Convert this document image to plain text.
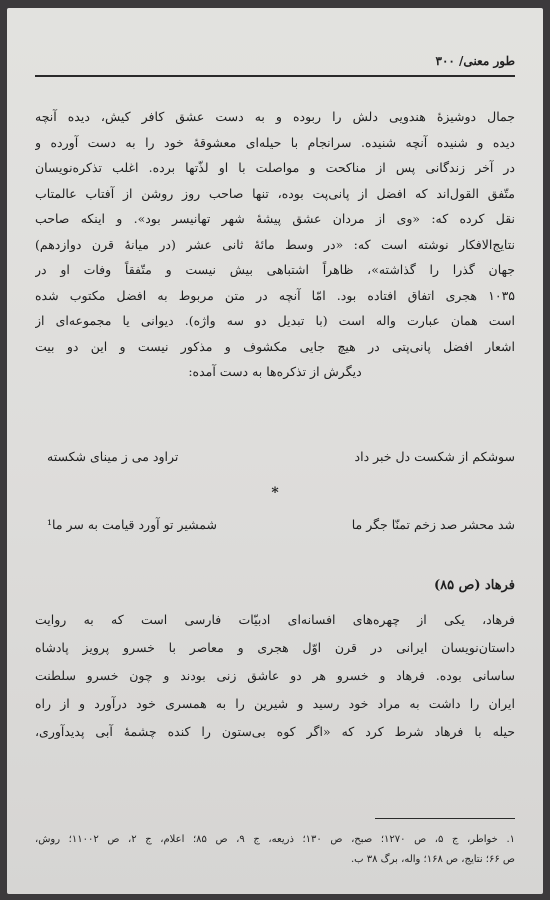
طور معنی/ ۳۰۰
جمال دوشیزهٔ هندویی دلش را ربوده و به دست عشق کافر کیش، دیده آنچه
دیده و شنیده آنچه شنیده. سرانجام با حیله‌ای معشوقهٔ خود را به دست آورده و
در آخر زندگانی پس از مناکحت و مواصلت با او لذّتها برده. اغلب تذکره‌نویسان
متّفق القول‌اند که افضل از پانی‌پت بوده، تنها صاحب روز روشن از آفتاب عالمتاب
نقل کرده که: «وی از مردان عشق پیشهٔ شهر تهانیسر بود». و اینکه صاحب
نتایج‌الافکار نوشته است که: «در وسط مائهٔ ثانی عشر (در میانهٔ قرن دوازدهم)
جهان گذرا را گذاشته»، ظاهراً اشتباهی بیش نیست و متّفقاً وفات او در
۱۰۳۵ هجری اتفاق افتاده بود. امّا آنچه در متن مربوط به افضل مکتوب شده
است همان عبارت واله است (با تبدیل دو سه واژه). دیوانی یا مجموعه‌ای از
اشعار افضل پانی‌پتی در هیچ جایی مکشوف و مذکور نیست و این دو بیت
دیگرش از تذکره‌ها به دست آمده:
سوشکم از شکست دل خبر داد
تراود می ز مینای شکسته
*
شد محشر صد زخم تمنّا جگر ما
شمشیر تو آورد قیامت به سر ما¹
فرهاد (ص ۸۵)
فرهاد، یکی از چهره‌های افسانه‌ای ادبیّات فارسی است که به روایت
داستان‌نویسان ایرانی در قرن اوّل هجری و معاصر با خسرو پرویز پادشاه
ساسانی بوده. فرهاد و خسرو هر دو عاشق زنی بودند و چون خسرو سلطنت
ایران را داشت به مراد خود رسید و شیرین را به همسری خود درآورد و از راه
حیله با فرهاد شرط کرد که «اگر کوه بی‌ستون را کنده چشمهٔ آبی پدیدآوری،
۱. خواطر، ج ۵، ص ۱۲۷۰؛ صبح، ص ۱۳۰؛ ذریعه، ج ۹، ص ۸۵؛ اعلام، ج ۲، ص ۱۱۰۰۲؛ روش،
ص ۶۶؛ نتایج، ص ۱۶۸؛ واله، برگ ۳۸ ب.
